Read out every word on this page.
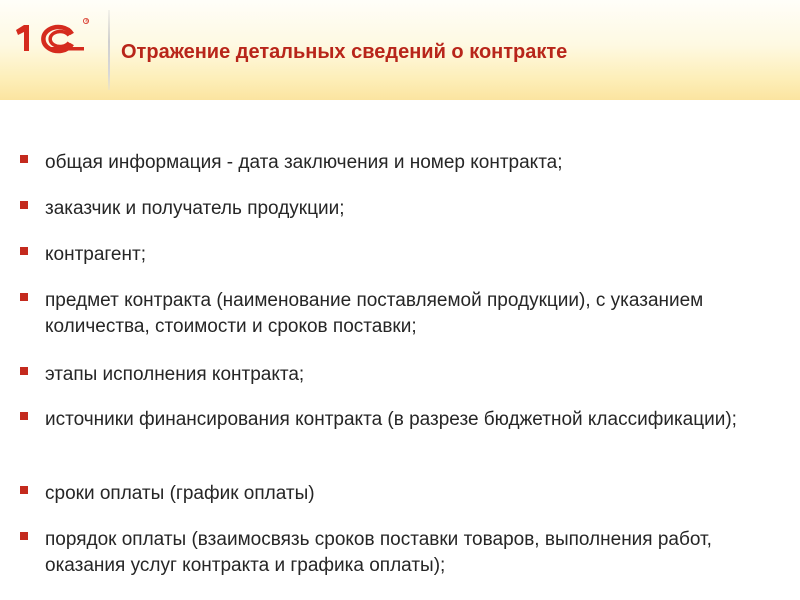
®
Отражение детальных сведений о контракте
общая информация - дата заключения и номер контракта;
заказчик и получатель продукции;
контрагент;
предмет контракта (наименование поставляемой продукции), с указанием количества, стоимости и сроков поставки;
этапы исполнения контракта;
источники финансирования контракта (в разрезе бюджетной классификации);
сроки оплаты (график оплаты)
порядок оплаты (взаимосвязь сроков поставки товаров, выполнения работ, оказания услуг контракта и графика оплаты);
